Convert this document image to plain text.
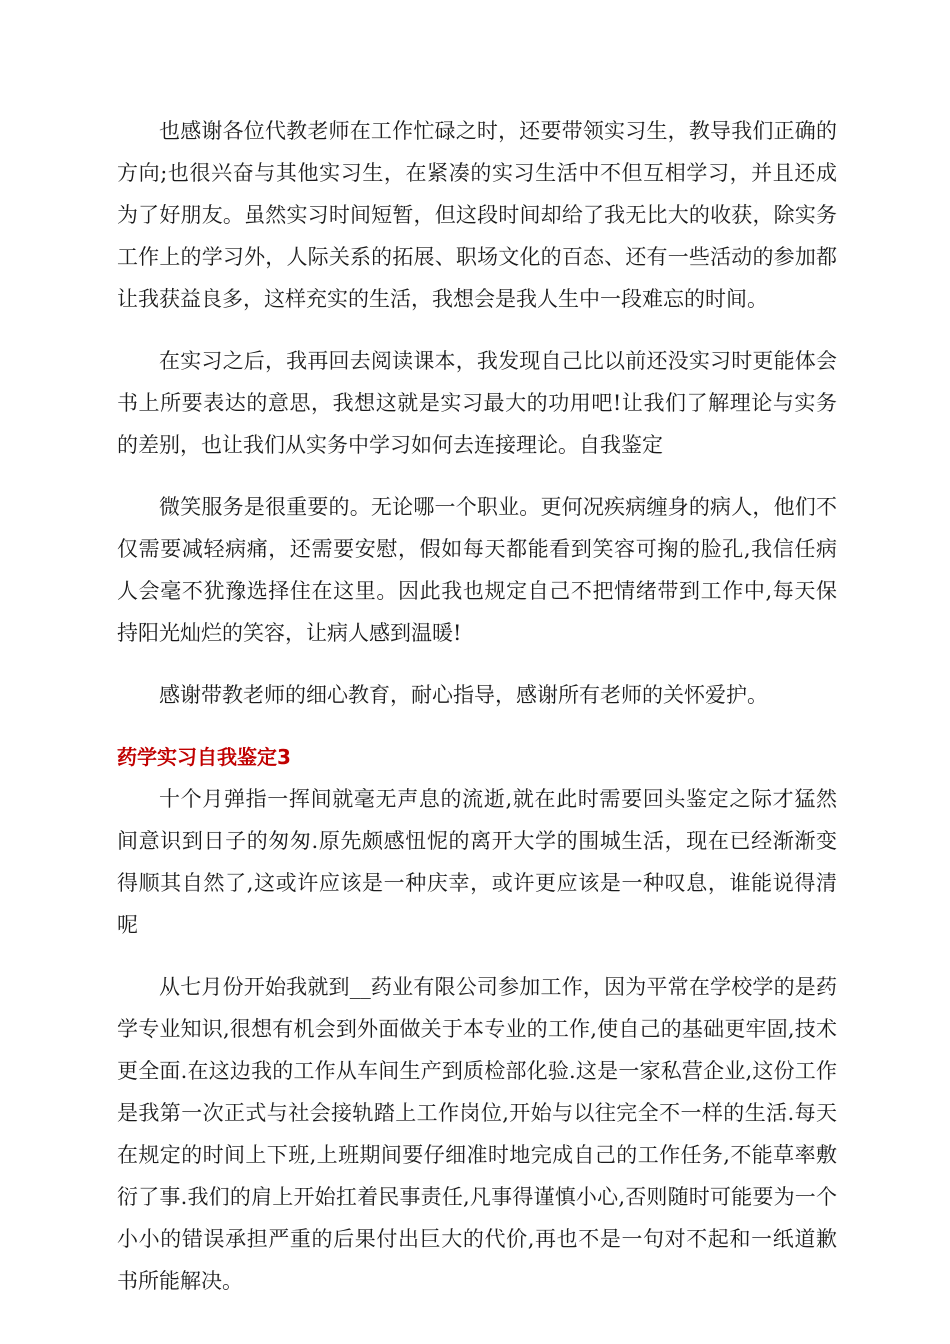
也感谢各位代教老师在工作忙碌之时，还要带领实习生，教导我们正确的方向;也很兴奋与其他实习生，在紧凑的实习生活中不但互相学习，并且还成为了好朋友。虽然实习时间短暂，但这段时间却给了我无比大的收获，除实务工作上的学习外，人际关系的拓展、职场文化的百态、还有一些活动的参加都让我获益良多，这样充实的生活，我想会是我人生中一段难忘的时间。

在实习之后，我再回去阅读课本，我发现自己比以前还没实习时更能体会书上所要表达的意思，我想这就是实习最大的功用吧!让我们了解理论与实务的差别，也让我们从实务中学习如何去连接理论。自我鉴定

微笑服务是很重要的。无论哪一个职业。更何况疾病缠身的病人，他们不仅需要减轻病痛，还需要安慰，假如每天都能看到笑容可掬的脸孔,我信任病人会毫不犹豫选择住在这里。因此我也规定自己不把情绪带到工作中,每天保持阳光灿烂的笑容，让病人感到温暖!

感谢带教老师的细心教育，耐心指导，感谢所有老师的关怀爱护。

药学实习自我鉴定3

十个月弹指一挥间就毫无声息的流逝,就在此时需要回头鉴定之际才猛然间意识到日子的匆匆.原先颇感忸怩的离开大学的围城生活，现在已经渐渐变得顺其自然了,这或许应该是一种庆幸，或许更应该是一种叹息，谁能说得清呢

从七月份开始我就到__药业有限公司参加工作，因为平常在学校学的是药学专业知识,很想有机会到外面做关于本专业的工作,使自己的基础更牢固,技术更全面.在这边我的工作从车间生产到质检部化验.这是一家私营企业,这份工作是我第一次正式与社会接轨踏上工作岗位,开始与以往完全不一样的生活.每天在规定的时间上下班,上班期间要仔细准时地完成自己的工作任务,不能草率敷衍了事.我们的肩上开始扛着民事责任,凡事得谨慎小心,否则随时可能要为一个小小的错误承担严重的后果付出巨大的代价,再也不是一句对不起和一纸道歉书所能解决。
